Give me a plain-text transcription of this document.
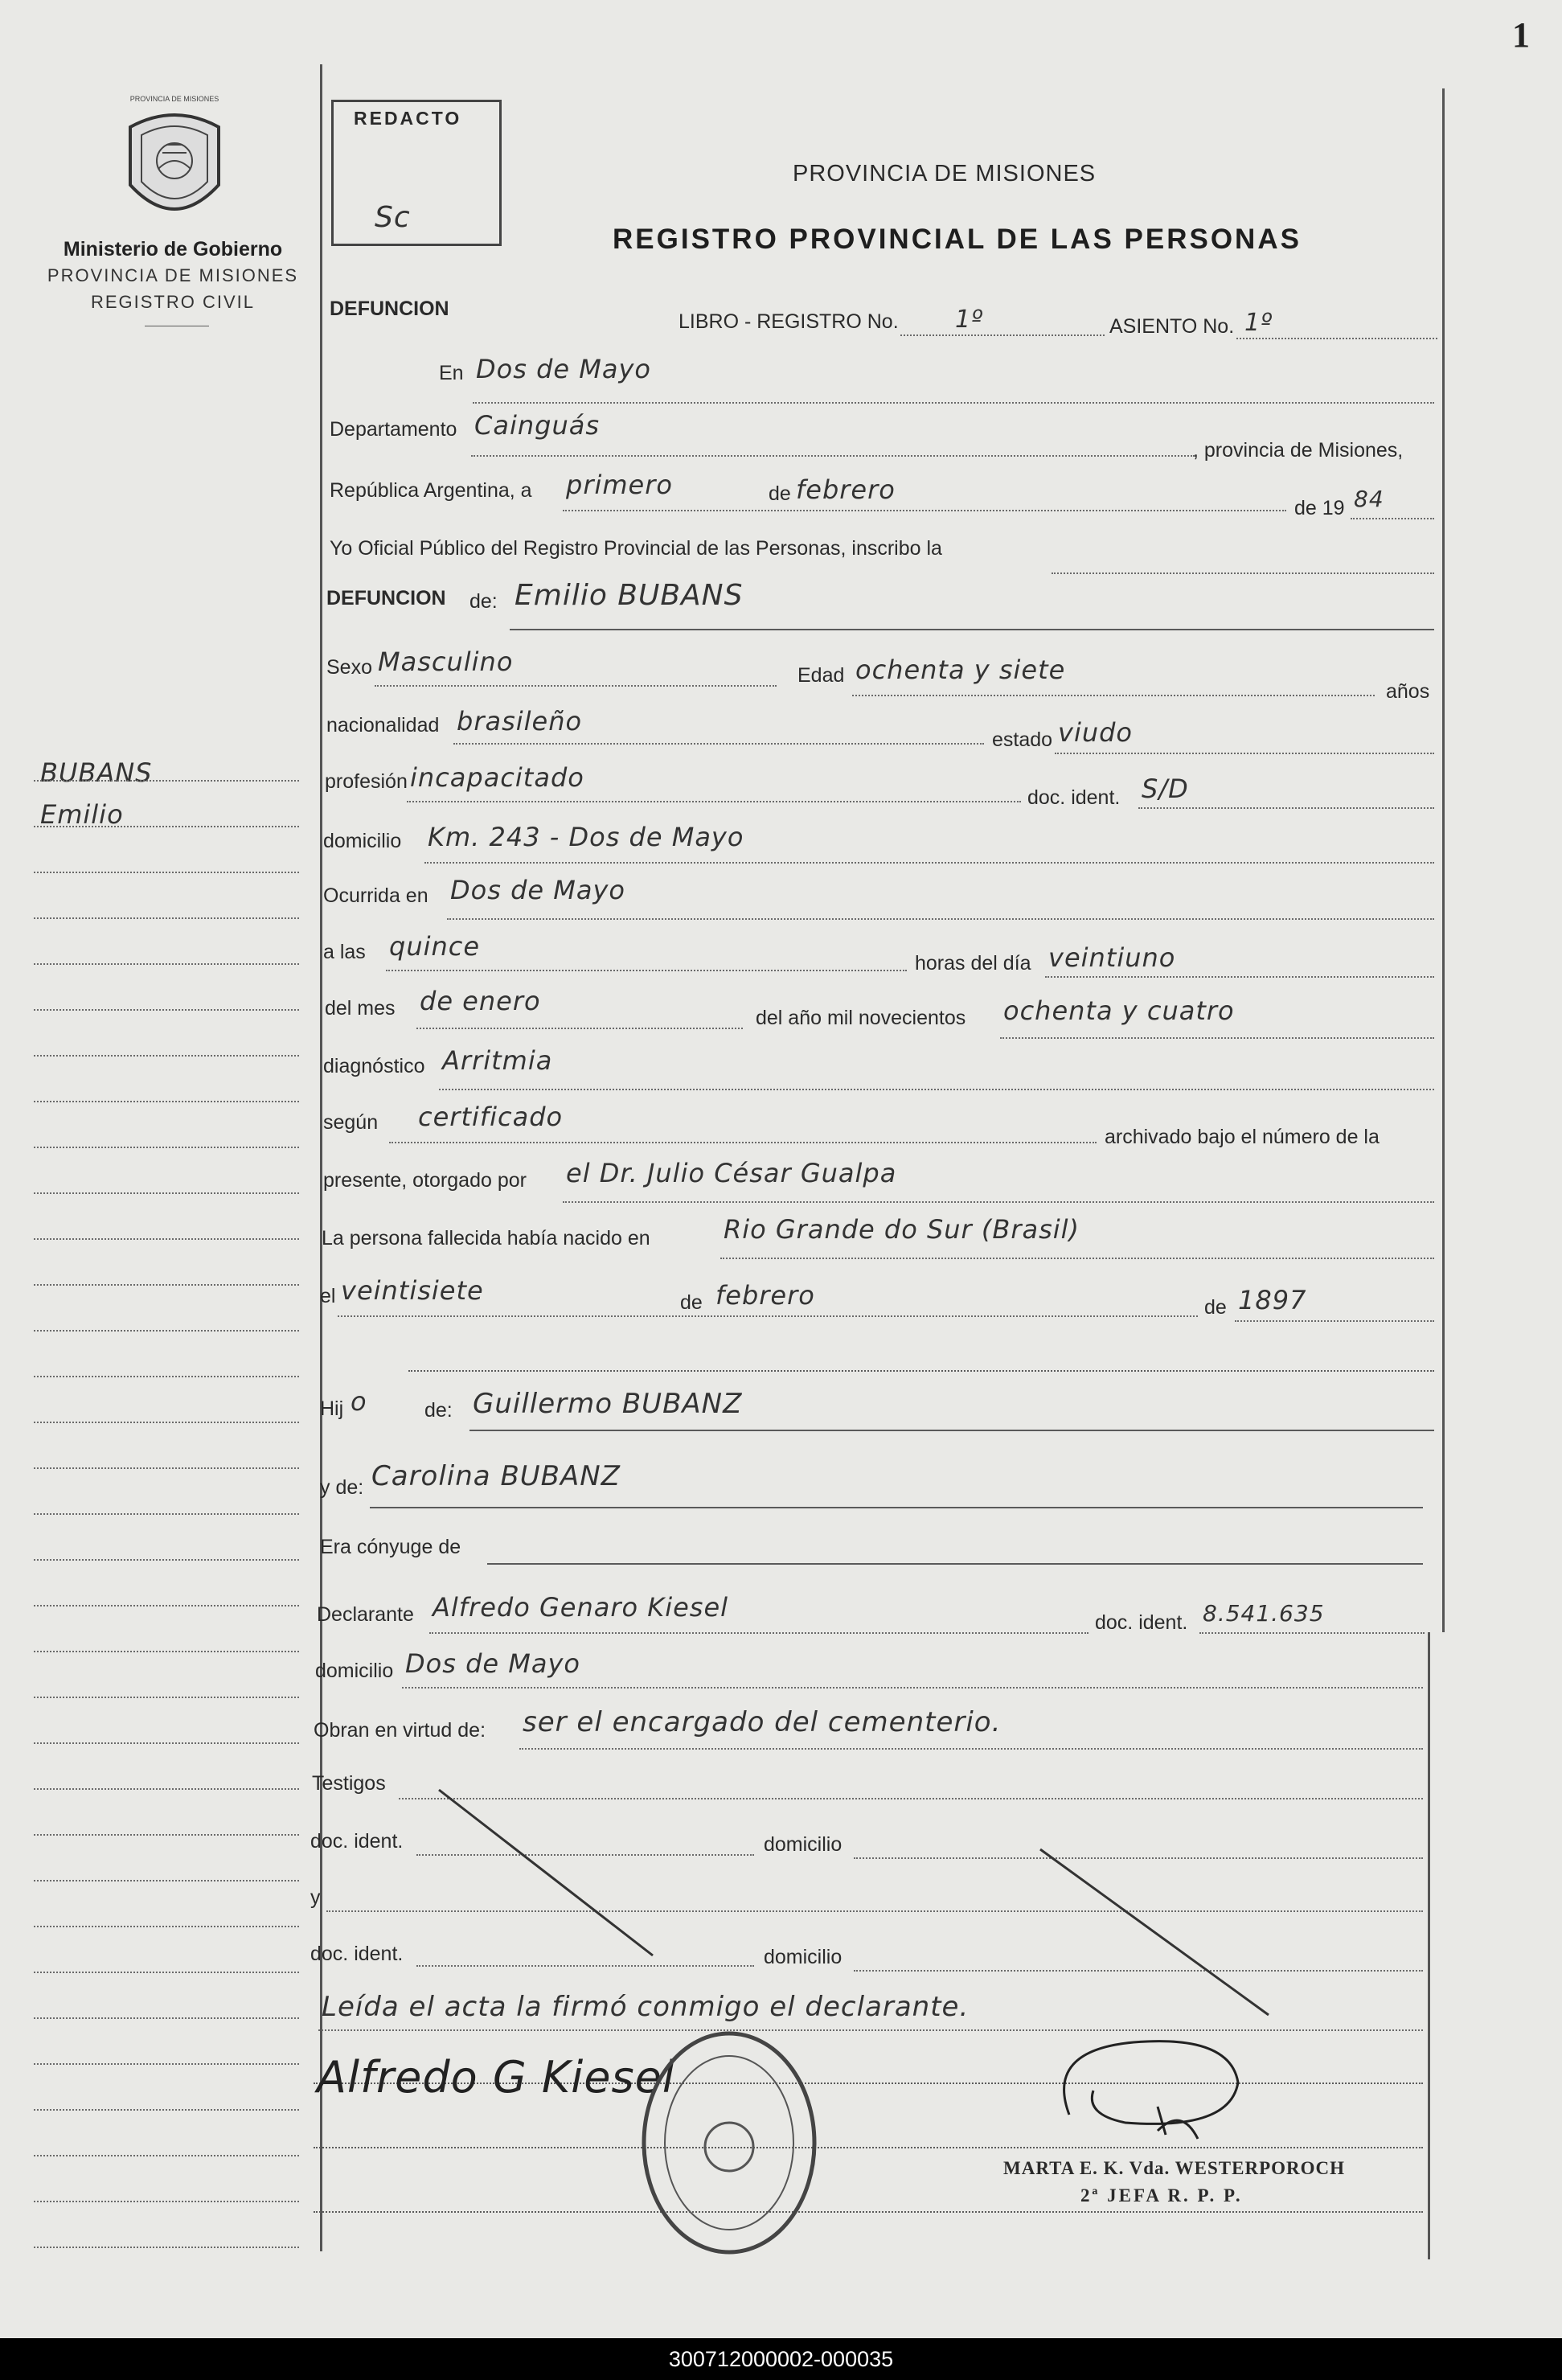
1
PROVINCIA DE MISIONES
Ministerio de Gobierno
PROVINCIA DE MISIONES
REGISTRO CIVIL
REDACTO
Sc
PROVINCIA DE MISIONES
REGISTRO PROVINCIAL DE LAS PERSONAS
DEFUNCION
LIBRO - REGISTRO No. 1º	ASIENTO No. 1º
BUBANS
Emilio
En Dos de Mayo
Departamento Cainguás
, provincia de Misiones,
República Argentina, a primero	de febrero
de 19 84
Yo Oficial Público del Registro Provincial de las Personas, inscribo la
DEFUNCION de: Emilio BUBANS
Sexo Masculino	Edad ochenta y siete
años
nacionalidad brasileño
estado viudo
profesión incapacitado
doc. ident. S/D
domicilio Km. 243 - Dos de Mayo
Ocurrida en Dos de Mayo
a las quince
horas del día veintiuno
del mes de enero
del año mil novecientos ochenta y cuatro
diagnóstico Arritmia
según certificado
archivado bajo el número de la
presente, otorgado por el Dr. Julio César Gualpa
La persona fallecida había nacido en	Rio Grande do Sur (Brasil)
el veintisiete	de febrero	de 1897
Hij o	de: Guillermo BUBANZ
y de: Carolina BUBANZ
Era cónyuge de
Declarante Alfredo Genaro Kiesel	doc. ident. 8.541.635
domicilio Dos de Mayo
Obran en virtud de: ser el encargado del cementerio.
Testigos
doc. ident.	domicilio
y
doc. ident.	domicilio
Leída el acta la firmó conmigo el declarante.
Alfredo G Kiesel
MARTA E. K. Vda. WESTERPOROCH
2ª JEFA R. P. P.
300712000002-000035
